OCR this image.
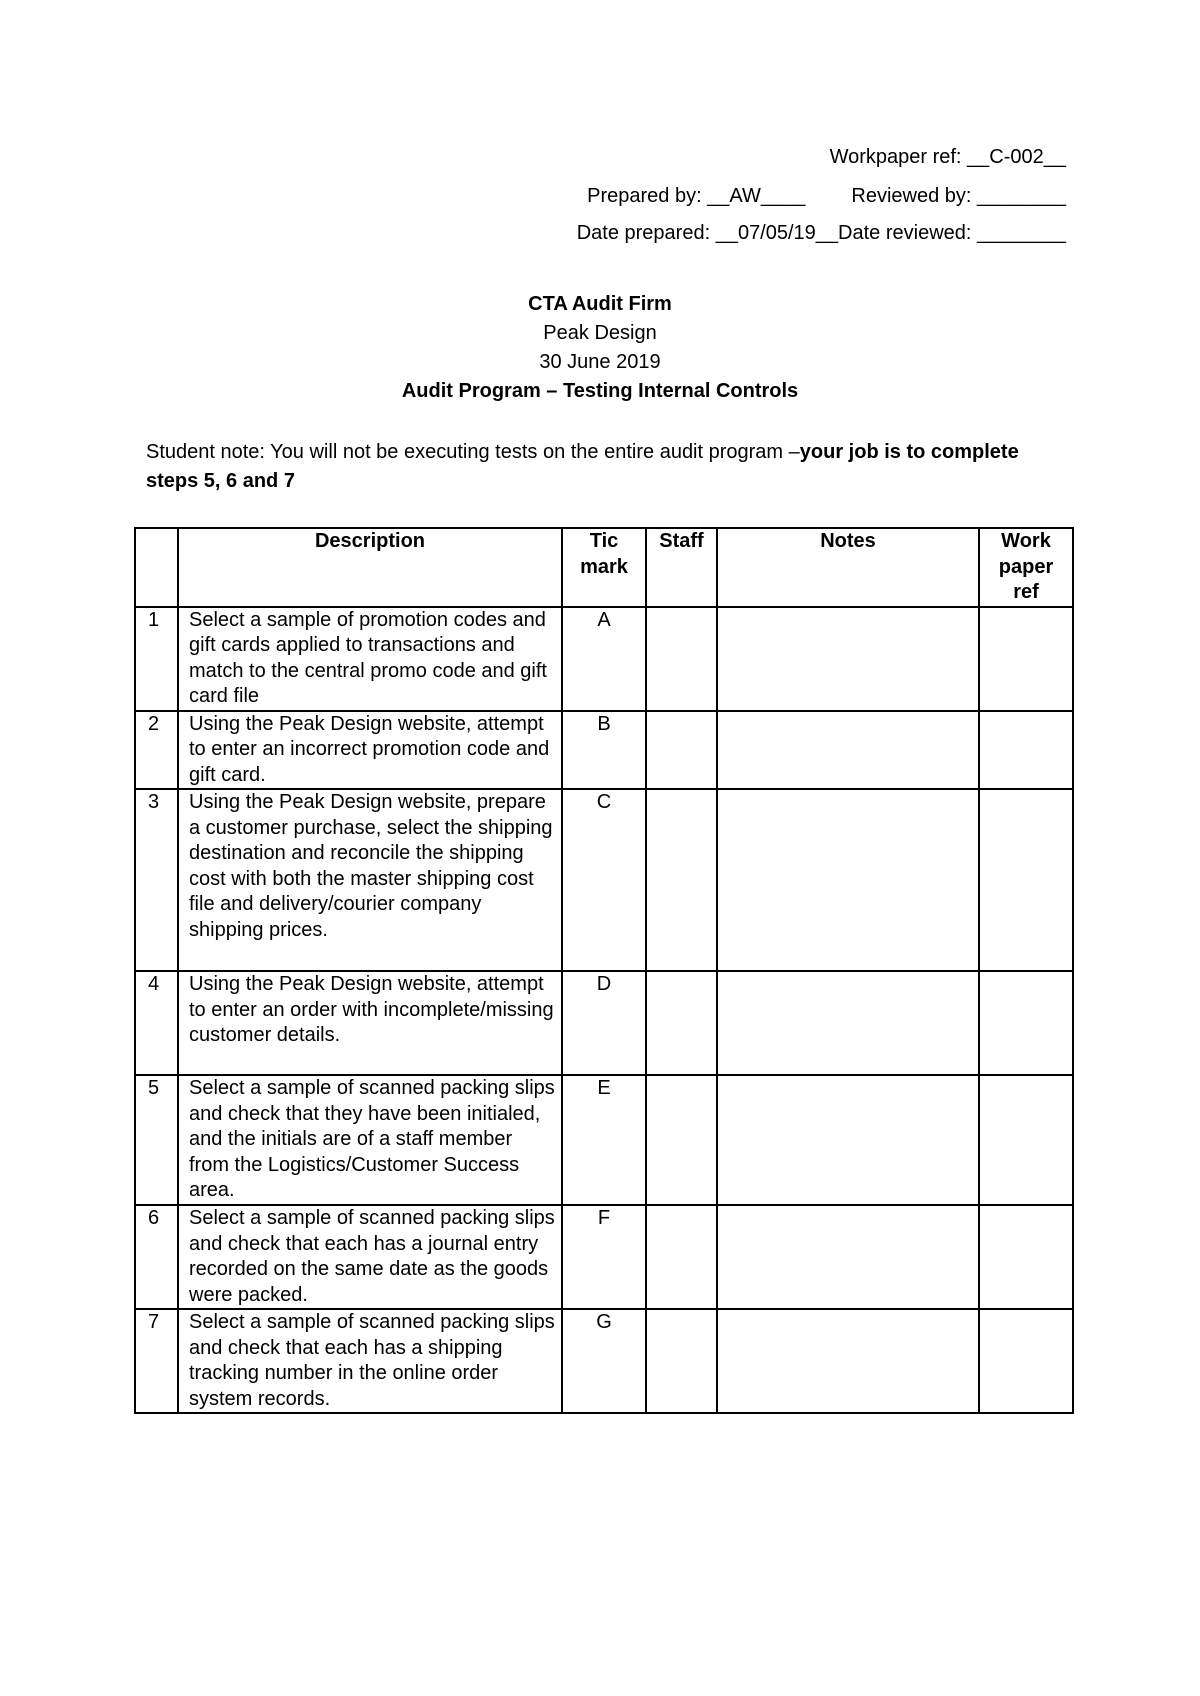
Workpaper ref: __C-002__
Prepared by: __AW____ Reviewed by: ________
Date prepared: __07/05/19__Date reviewed: ________
CTA Audit Firm
Peak Design
30 June 2019
Audit Program – Testing Internal Controls
Student note: You will not be executing tests on the entire audit program –your job is to complete steps 5, 6 and 7
	Description	Tic mark	Staff	Notes	Work paper ref
1	Select a sample of promotion codes and gift cards applied to transactions and match to the central promo code and gift card file	A			
2	Using the Peak Design website, attempt to enter an incorrect promotion code and gift card.	B			
3	Using the Peak Design website, prepare a customer purchase, select the shipping destination and reconcile the shipping cost with both the master shipping cost file and delivery/courier company shipping prices.	C			
4	Using the Peak Design website, attempt to enter an order with incomplete/missing customer details.	D			
5	Select a sample of scanned packing slips and check that they have been initialed, and the initials are of a staff member from the Logistics/Customer Success area.	E			
6	Select a sample of scanned packing slips and check that each has a journal entry recorded on the same date as the goods were packed.	F			
7	Select a sample of scanned packing slips and check that each has a shipping tracking number in the online order system records.	G			
